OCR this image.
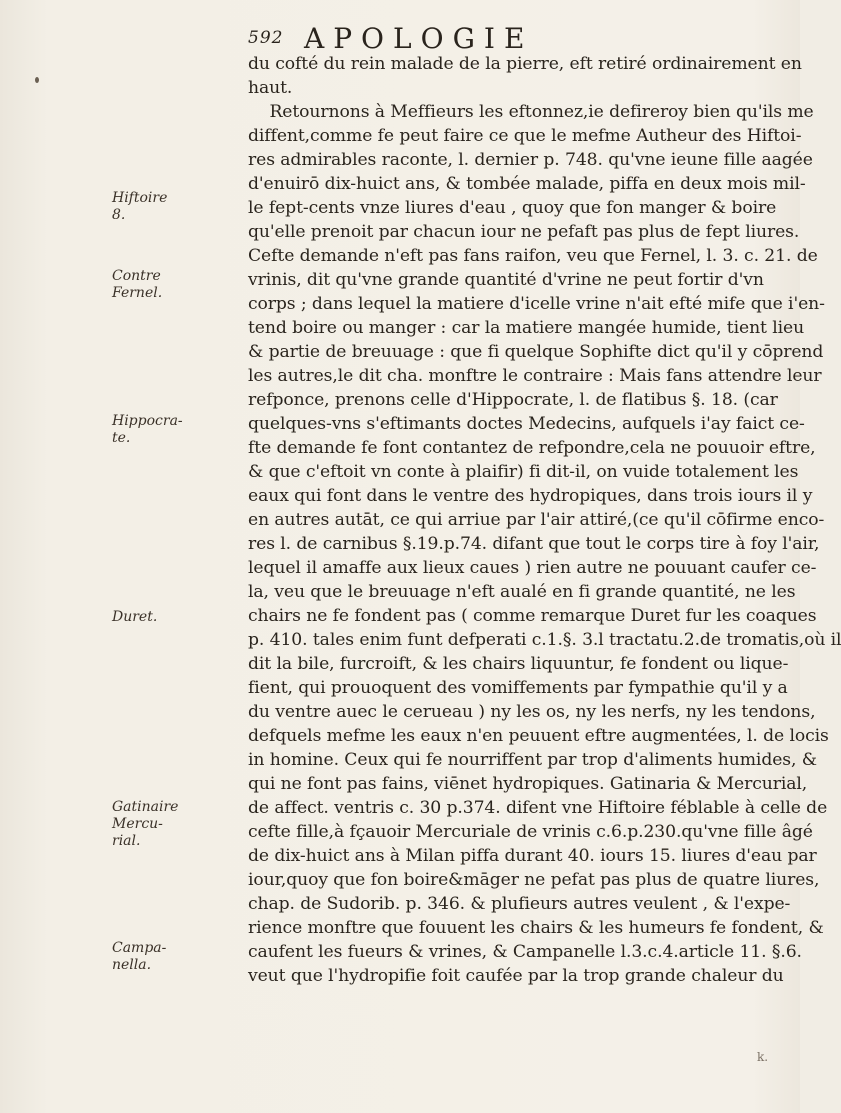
592 APOLOGIE
Hiftoire
8.
Contre
Fernel.
Hippocra-
te.
Duret.
Gatinaire
Mercu-
rial.
Campa-
nella.
du cofté du rein malade de la pierre, eft retiré ordinairement en
haut.
Retournons à Meffieurs les eftonnez,ie defireroy bien qu'ils me
diffent,comme fe peut faire ce que le mefme Autheur des Hiftoi-
res admirables raconte, l. dernier p. 748. qu'vne ieune fille aagée
d'enuirō dix-huict ans, & tombée malade, piffa en deux mois mil-
le fept-cents vnze liures d'eau , quoy que fon manger & boire
qu'elle prenoit par chacun iour ne pefaft pas plus de fept liures.
Cefte demande n'eft pas fans raifon, veu que Fernel, l. 3. c. 21. de
vrinis, dit qu'vne grande quantité d'vrine ne peut fortir d'vn
corps ; dans lequel la matiere d'icelle vrine n'ait efté mife que i'en-
tend boire ou manger : car la matiere mangée humide, tient lieu
& partie de breuuage : que fi quelque Sophifte dict qu'il y cōprend
les autres,le dit cha. monftre le contraire : Mais fans attendre leur
refponce, prenons celle d'Hippocrate, l. de flatibus §. 18. (car
quelques-vns s'eftimants doctes Medecins, aufquels i'ay faict ce-
fte demande fe font contantez de refpondre,cela ne pouuoir eftre,
& que c'eftoit vn conte à plaifir) fi dit-il, on vuide totalement les
eaux qui font dans le ventre des hydropiques, dans trois iours il y
en autres autāt, ce qui arriue par l'air attiré,(ce qu'il cōfirme enco-
res l. de carnibus §.19.p.74. difant que tout le corps tire à foy l'air,
lequel il amaffe aux lieux caues ) rien autre ne pouuant caufer ce-
la, veu que le breuuage n'eft aualé en fi grande quantité, ne les
chairs ne fe fondent pas ( comme remarque Duret fur les coaques
p. 410. tales enim funt defperati c.1.§. 3.l tractatu.2.de tromatis,où il
dit la bile, furcroift, & les chairs liquuntur, fe fondent ou lique-
fient, qui prouoquent des vomiffements par fympathie qu'il y a
du ventre auec le cerueau ) ny les os, ny les nerfs, ny les tendons,
defquels mefme les eaux n'en peuuent eftre augmentées, l. de locis
in homine. Ceux qui fe nourriffent par trop d'aliments humides, &
qui ne font pas fains, viēnet hydropiques. Gatinaria & Mercurial,
de affect. ventris c. 30 p.374. difent vne Hiftoire féblable à celle de
cefte fille,à fçauoir Mercuriale de vrinis c.6.p.230.qu'vne fille âgé
de dix-huict ans à Milan piffa durant 40. iours 15. liures d'eau par
iour,quoy que fon boire&māger ne pefat pas plus de quatre liures,
chap. de Sudorib. p. 346. & plufieurs autres veulent , & l'expe-
rience monftre que fouuent les chairs & les humeurs fe fondent, &
caufent les fueurs & vrines, & Campanelle l.3.c.4.article 11. §.6.
veut que l'hydropifie foit caufée par la trop grande chaleur du
k.
